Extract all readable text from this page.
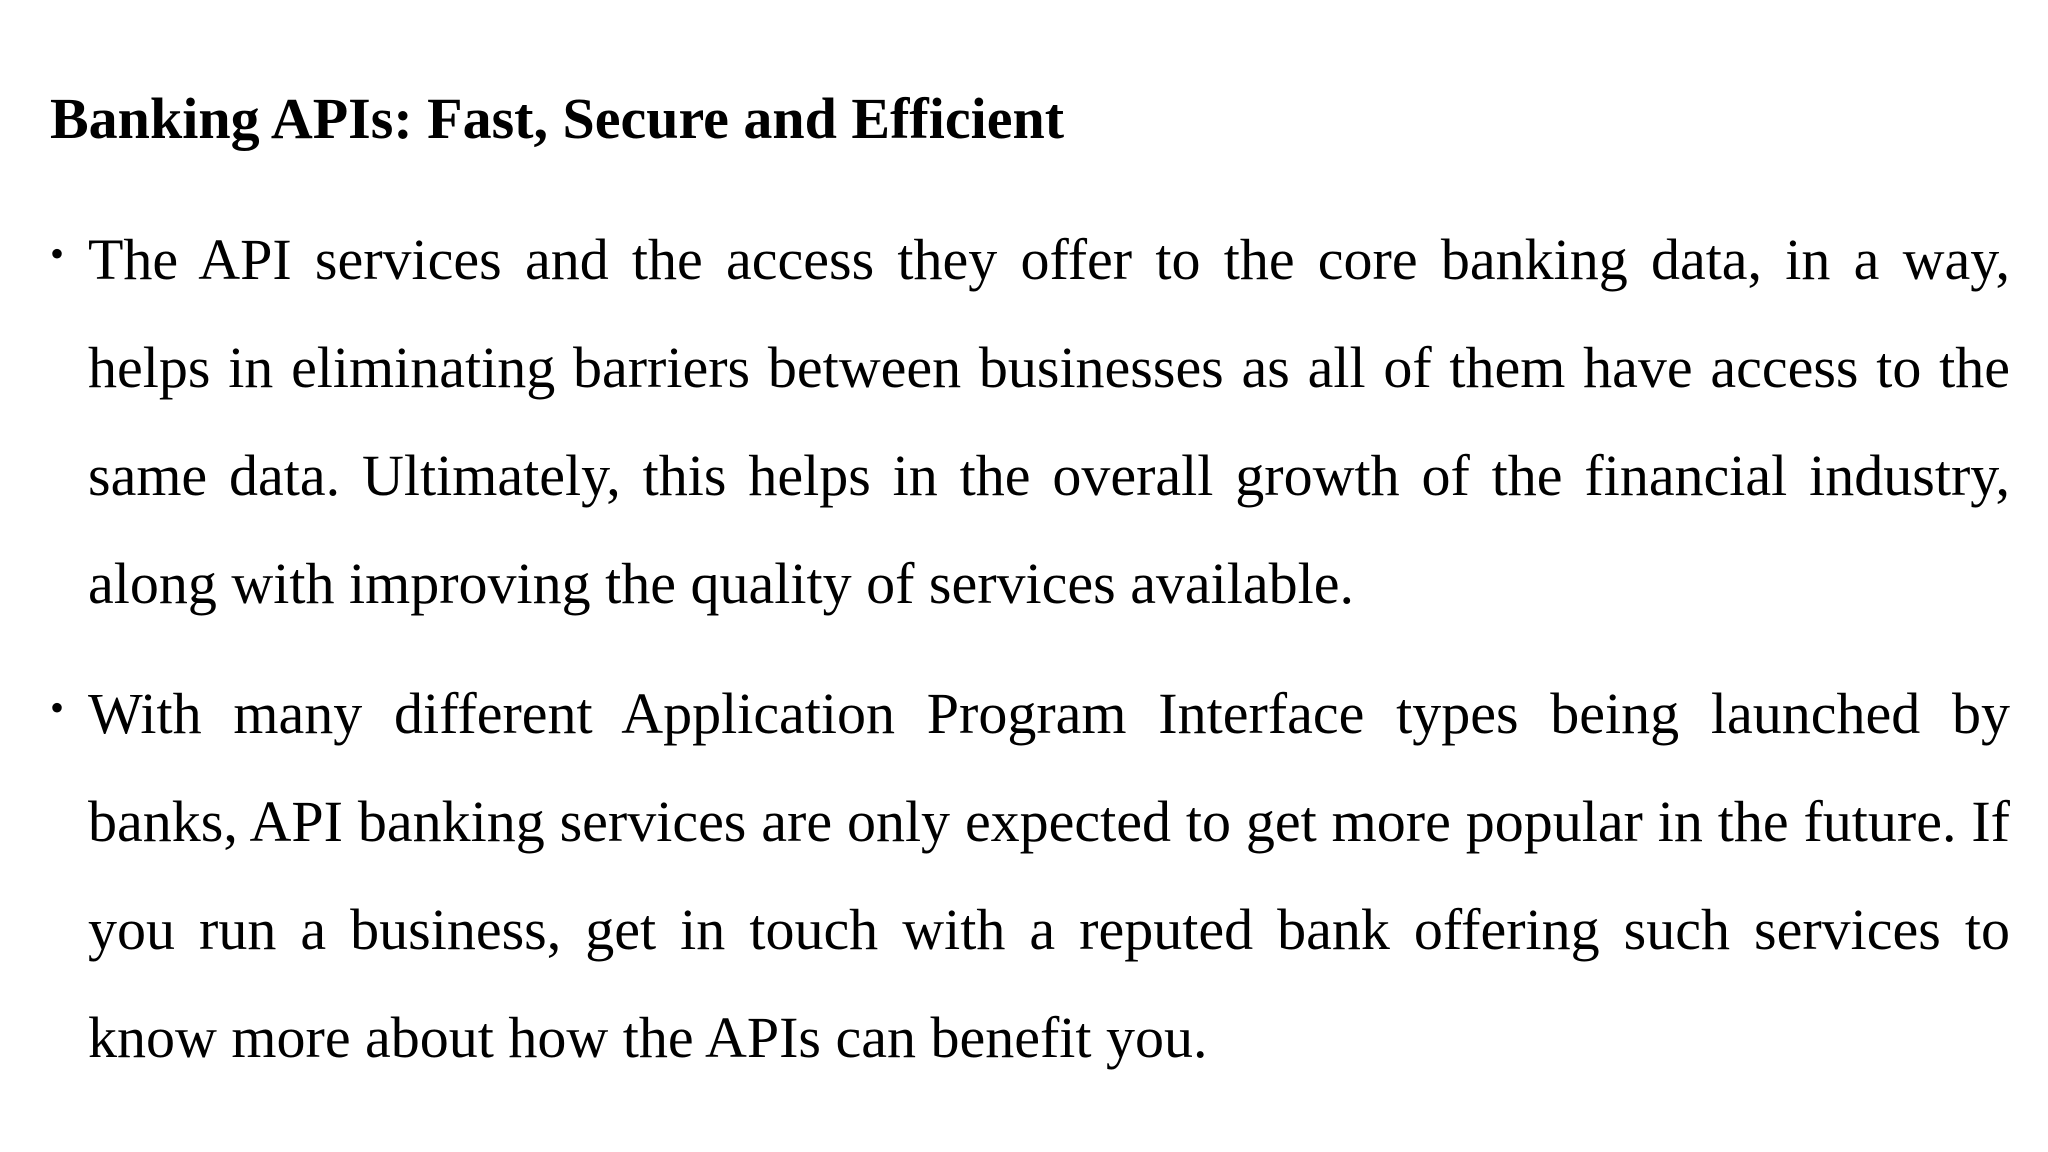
Banking APIs: Fast, Secure and Efficient
• The API services and the access they offer to the core banking data, in a way, helps in eliminating barriers between businesses as all of them have access to the same data. Ultimately, this helps in the overall growth of the financial industry, along with improving the quality of services available.
• With many different Application Program Interface types being launched by banks, API banking services are only expected to get more popular in the future. If you run a business, get in touch with a reputed bank offering such services to know more about how the APIs can benefit you.
